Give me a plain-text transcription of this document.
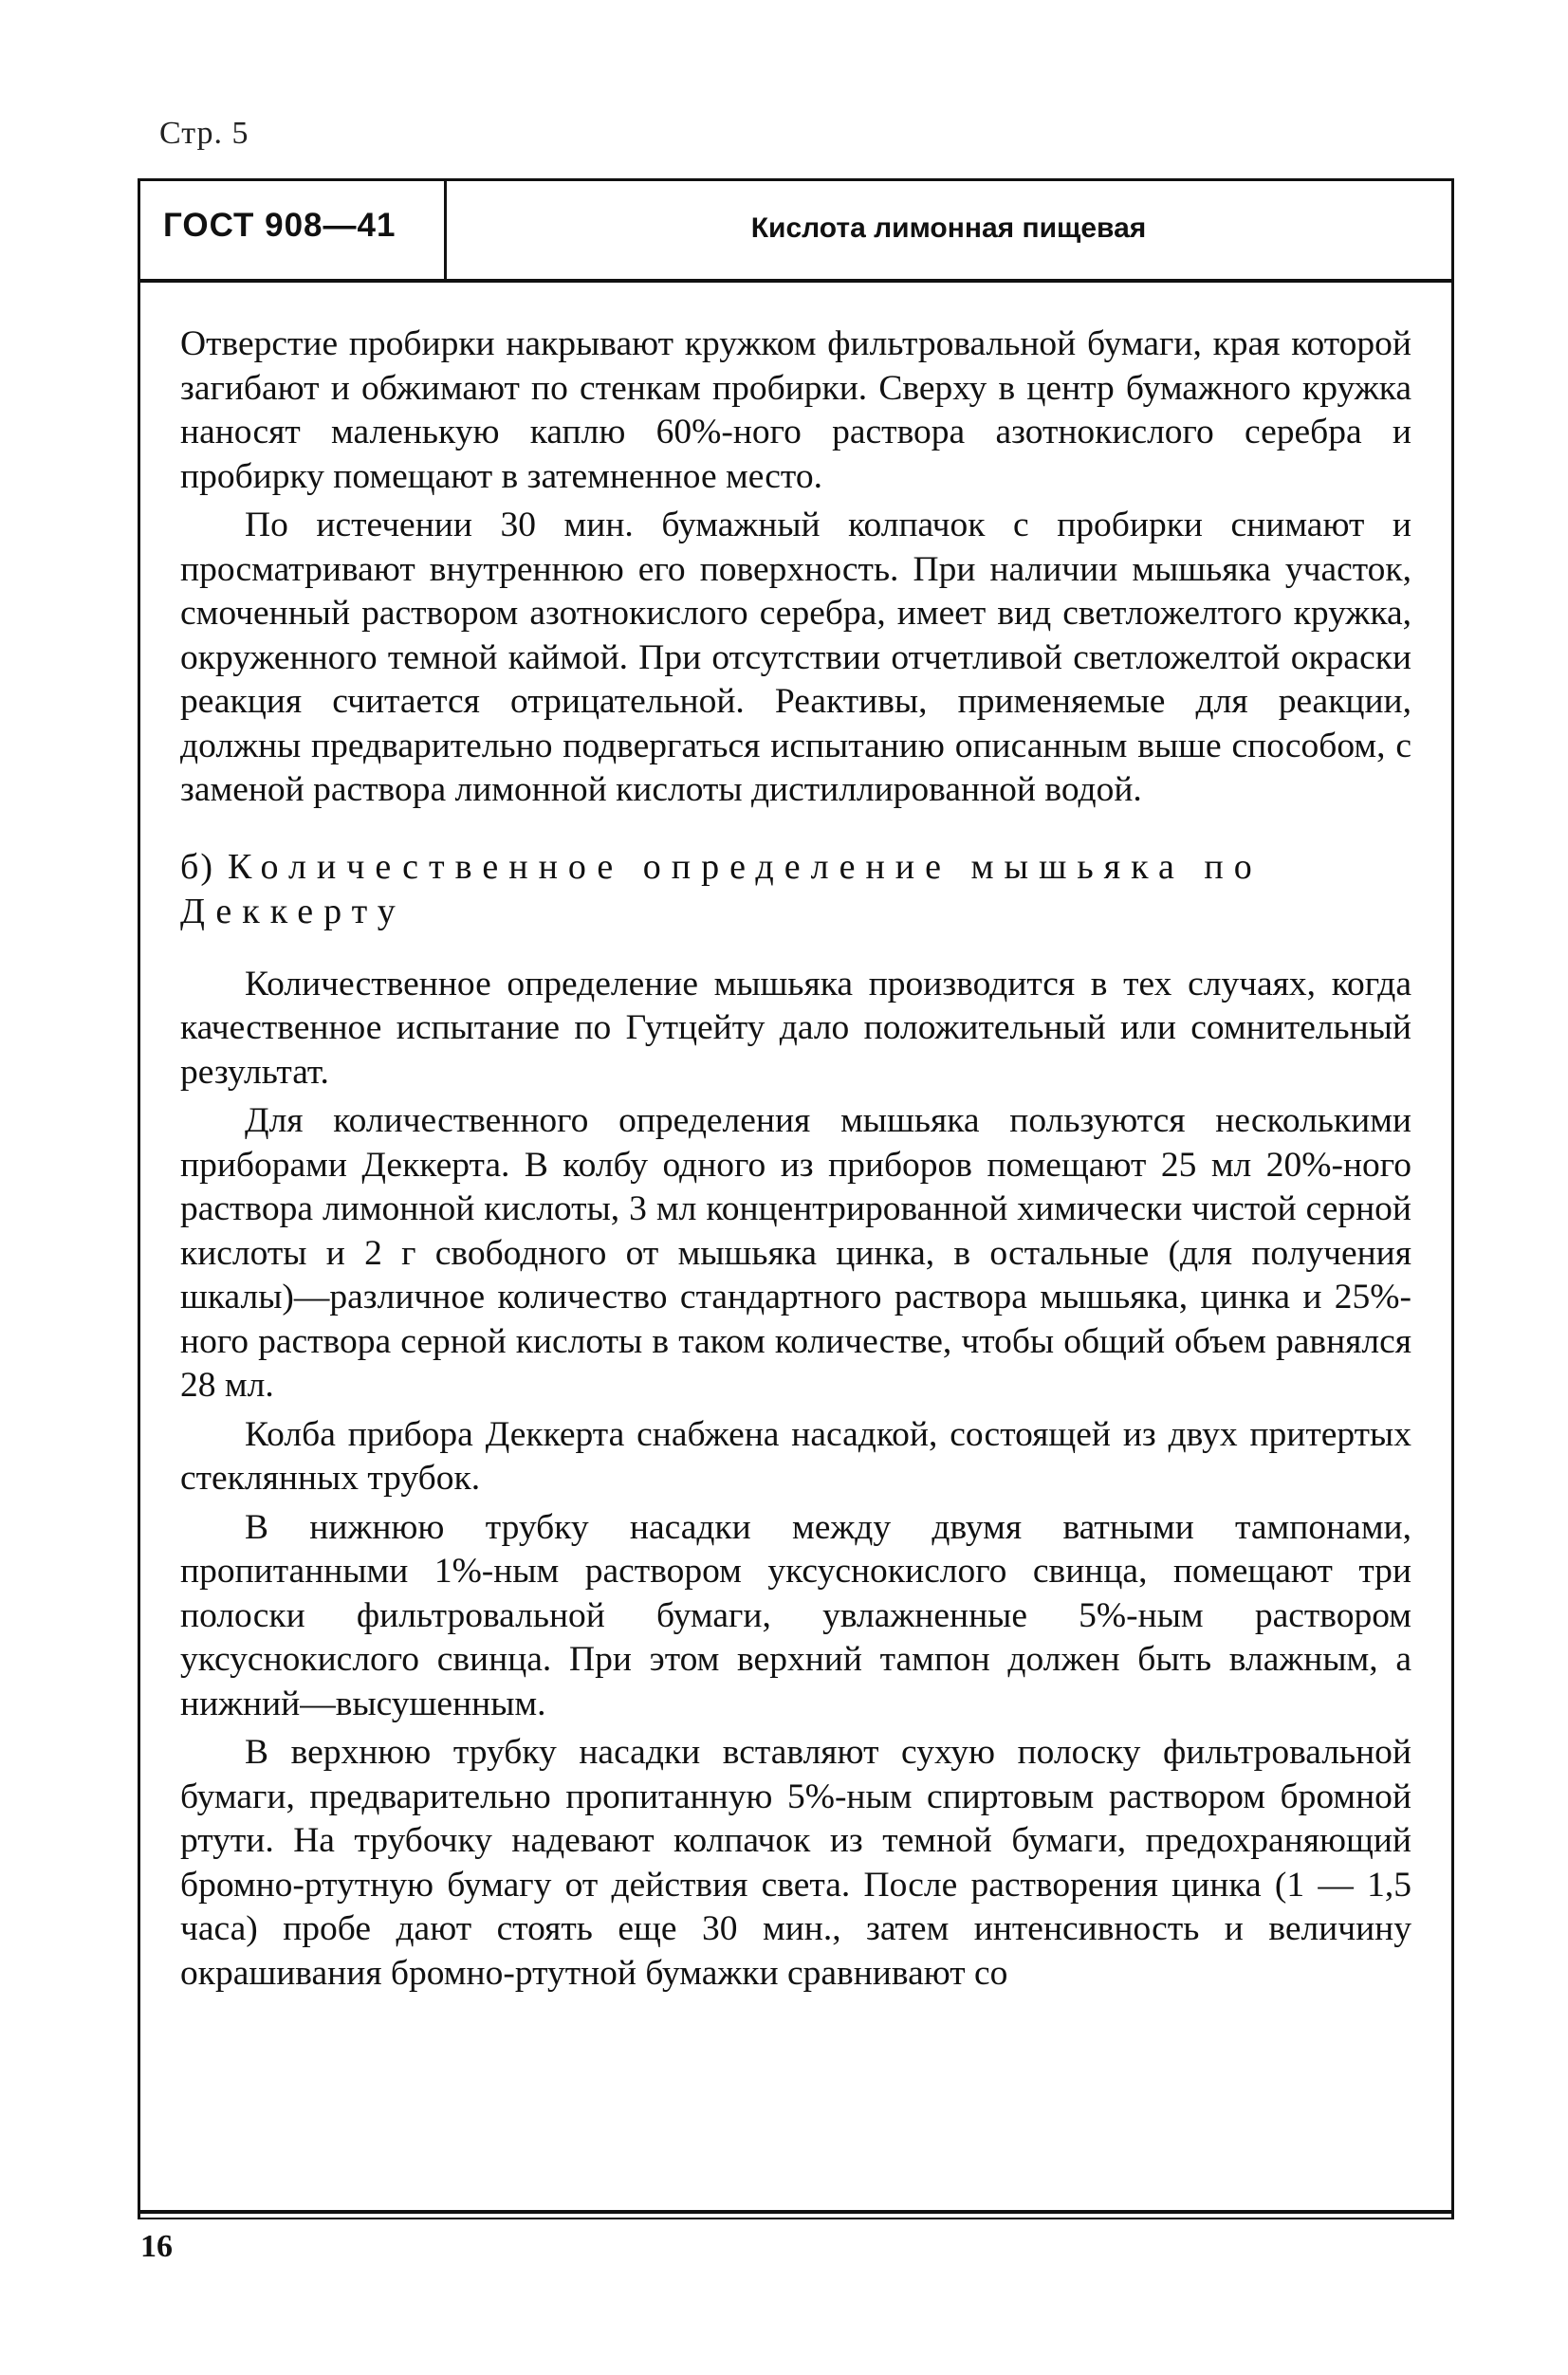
Стр. 5
ГОСТ 908—41	Кислота лимонная пищевая

Отверстие пробирки накрывают кружком фильтровальной бумаги, края которой загибают и обжимают по стенкам пробирки. Сверху в центр бумажного кружка наносят маленькую каплю 60%-ного раствора азотнокислого серебра и пробирку помещают в затемненное место.

По истечении 30 мин. бумажный колпачок с пробирки снимают и просматривают внутреннюю его поверхность. При наличии мышьяка участок, смоченный раствором азотнокислого серебра, имеет вид светложелтого кружка, окруженного темной каймой. При отсутствии отчетливой светложелтой окраски реакция считается отрицательной. Реактивы, применяемые для реакции, должны предварительно подвергаться испытанию описанным выше способом, с заменой раствора лимонной кислоты дистиллированной водой.

б) Количественное определение мышьяка по Деккерту

Количественное определение мышьяка производится в тех случаях, когда качественное испытание по Гутцейту дало положительный или сомнительный результат.

Для количественного определения мышьяка пользуются несколькими приборами Деккерта. В колбу одного из приборов помещают 25 мл 20%-ного раствора лимонной кислоты, 3 мл концентрированной химически чистой серной кислоты и 2 г свободного от мышьяка цинка, в остальные (для получения шкалы)—различное количество стандартного раствора мышьяка, цинка и 25%-ного раствора серной кислоты в таком количестве, чтобы общий объем равнялся 28 мл.

Колба прибора Деккерта снабжена насадкой, состоящей из двух притертых стеклянных трубок.

В нижнюю трубку насадки между двумя ватными тампонами, пропитанными 1%-ным раствором уксуснокислого свинца, помещают три полоски фильтровальной бумаги, увлажненные 5%-ным раствором уксуснокислого свинца. При этом верхний тампон должен быть влажным, а нижний—высушенным.

В верхнюю трубку насадки вставляют сухую полоску фильтровальной бумаги, предварительно пропитанную 5%-ным спиртовым раствором бромной ртути. На трубочку надевают колпачок из темной бумаги, предохраняющий бромно-ртутную бумагу от действия света. После растворения цинка (1 — 1,5 часа) пробе дают стоять еще 30 мин., затем интенсивность и величину окрашивания бромно-ртутной бумажки сравнивают со

16
